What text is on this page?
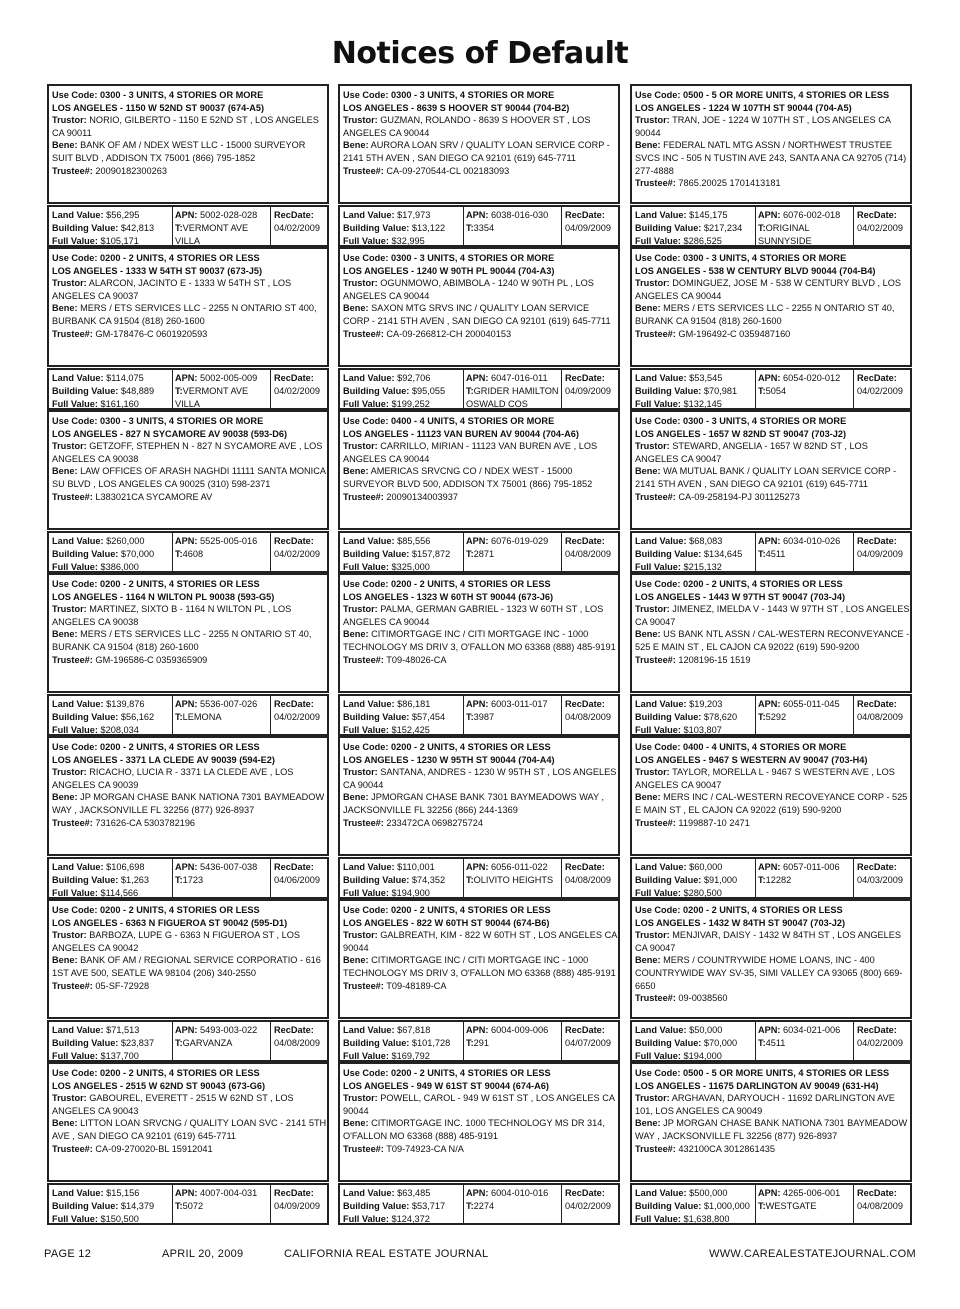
Notices of Default
Use Code: 0300 - 3 UNITS, 4 STORIES OR MORE
LOS ANGELES - 1150 W 52ND ST 90037 (674-A5)
Trustor: NORIO, GILBERTO - 1150 E 52ND ST , LOS ANGELES CA 90011
Bene: BANK OF AM / NDEX WEST LLC - 15000 SURVEYOR SUIT BLVD , ADDISON TX 75001 (866) 795-1852
Trustee#: 20090182300263
Land Value: $56,295
Building Value: $42,813
Full Value: $105,171
APN: 5002-028-028
T:VERMONT AVE VILLA
RecDate:
04/02/2009
Use Code: 0200 - 2 UNITS, 4 STORIES OR LESS
LOS ANGELES - 1333 W 54TH ST 90037 (673-J5)
Trustor: ALARCON, JACINTO E - 1333 W 54TH ST , LOS ANGELES CA 90037
Bene: MERS / ETS SERVICES LLC - 2255 N ONTARIO ST 400, BURBANK CA 91504 (818) 260-1600
Trustee#: GM-178476-C 0601920593
Land Value: $114,075
Building Value: $48,889
Full Value: $161,160
APN: 5002-005-009
T:VERMONT AVE VILLA
RecDate:
04/02/2009
Use Code: 0300 - 3 UNITS, 4 STORIES OR MORE
LOS ANGELES - 827 N SYCAMORE AV 90038 (593-D6)
Trustor: GETZOFF, STEPHEN N - 827 N SYCAMORE AVE , LOS ANGELES CA 90038
Bene: LAW OFFICES OF ARASH NAGHDI 11111 SANTA MONICA SU BLVD , LOS ANGELES CA 90025 (310) 598-2371
Trustee#: L383021CA SYCAMORE AV
Land Value: $260,000
Building Value: $70,000
Full Value: $386,000
APN: 5525-005-016
T:4608
RecDate:
04/02/2009
Use Code: 0200 - 2 UNITS, 4 STORIES OR LESS
LOS ANGELES - 1164 N WILTON PL 90038 (593-G5)
Trustor: MARTINEZ, SIXTO B - 1164 N WILTON PL , LOS ANGELES CA 90038
Bene: MERS / ETS SERVICES LLC - 2255 N ONTARIO ST 40, BURANK CA 91504 (818) 260-1600
Trustee#: GM-196586-C 0359365909
Land Value: $139,876
Building Value: $56,162
Full Value: $208,034
APN: 5536-007-026
T:LEMONA
RecDate:
04/02/2009
Use Code: 0200 - 2 UNITS, 4 STORIES OR LESS
LOS ANGELES - 3371 LA CLEDE AV 90039 (594-E2)
Trustor: RICACHO, LUCIA R - 3371 LA CLEDE AVE , LOS ANGELES CA 90039
Bene: JP MORGAN CHASE BANK NATIONA 7301 BAYMEADOW WAY , JACKSONVILLE FL 32256 (877) 926-8937
Trustee#: 731626-CA 5303782196
Land Value: $106,698
Building Value: $1,263
Full Value: $114,566
APN: 5436-007-038
T:1723
RecDate:
04/06/2009
Use Code: 0200 - 2 UNITS, 4 STORIES OR LESS
LOS ANGELES - 6363 N FIGUEROA ST 90042 (595-D1)
Trustor: BARBOZA, LUPE G - 6363 N FIGUEROA ST , LOS ANGELES CA 90042
Bene: BANK OF AM / REGIONAL SERVICE CORPORATIO - 616 1ST AVE 500, SEATLE WA 98104 (206) 340-2550
Trustee#: 05-SF-72928
Land Value: $71,513
Building Value: $23,837
Full Value: $137,700
APN: 5493-003-022
T:GARVANZA
RecDate:
04/08/2009
Use Code: 0200 - 2 UNITS, 4 STORIES OR LESS
LOS ANGELES - 2515 W 62ND ST 90043 (673-G6)
Trustor: GABOUREL, EVERETT - 2515 W 62ND ST , LOS ANGELES CA 90043
Bene: LITTON LOAN SRVCNG / QUALITY LOAN SVC - 2141 5TH AVE , SAN DIEGO CA 92101 (619) 645-7711
Trustee#: CA-09-270020-BL 15912041
Land Value: $15,156
Building Value: $14,379
Full Value: $150,500
APN: 4007-004-031
T:5072
RecDate:
04/09/2009
Use Code: 0300 - 3 UNITS, 4 STORIES OR MORE
LOS ANGELES - 8639 S HOOVER ST 90044 (704-B2)
Trustor: GUZMAN, ROLANDO - 8639 S HOOVER ST , LOS ANGELES CA 90044
Bene: AURORA LOAN SRV / QUALITY LOAN SERVICE CORP - 2141 5TH AVEN , SAN DIEGO CA 92101 (619) 645-7711
Trustee#: CA-09-270544-CL 002183093
Land Value: $17,973
Building Value: $13,122
Full Value: $32,995
APN: 6038-016-030
T:3354
RecDate:
04/09/2009
Use Code: 0300 - 3 UNITS, 4 STORIES OR MORE
LOS ANGELES - 1240 W 90TH PL 90044 (704-A3)
Trustor: OGUNMOWO, ABIMBOLA - 1240 W 90TH PL , LOS ANGELES CA 90044
Bene: SAXON MTG SRVS INC / QUALITY LOAN SERVICE CORP - 2141 5TH AVEN , SAN DIEGO CA 92101 (619) 645-7711
Trustee#: CA-09-266812-CH 200040153
Land Value: $92,706
Building Value: $95,055
Full Value: $199,252
APN: 6047-016-011
T:GRIDER HAMILTON OSWALD COS
RecDate:
04/09/2009
Use Code: 0400 - 4 UNITS, 4 STORIES OR MORE
LOS ANGELES - 11123 VAN BUREN AV 90044 (704-A6)
Trustor: CARRILLO, MIRIAN - 11123 VAN BUREN AVE , LOS ANGELES CA 90044
Bene: AMERICAS SRVCNG CO / NDEX WEST - 15000 SURVEYOR BLVD 500, ADDISON TX 75001 (866) 795-1852
Trustee#: 20090134003937
Land Value: $85,556
Building Value: $157,872
Full Value: $325,000
APN: 6076-019-029
T:2871
RecDate:
04/08/2009
Use Code: 0200 - 2 UNITS, 4 STORIES OR LESS
LOS ANGELES - 1323 W 60TH ST 90044 (673-J6)
Trustor: PALMA, GERMAN GABRIEL - 1323 W 60TH ST , LOS ANGELES CA 90044
Bene: CITIMORTGAGE INC / CITI MORTGAGE INC - 1000 TECHNOLOGY MS DRIV 3, O'FALLON MO 63368 (888) 485-9191
Trustee#: T09-48026-CA
Land Value: $86,181
Building Value: $57,454
Full Value: $152,425
APN: 6003-011-017
T:3987
RecDate:
04/08/2009
Use Code: 0200 - 2 UNITS, 4 STORIES OR LESS
LOS ANGELES - 1230 W 95TH ST 90044 (704-A4)
Trustor: SANTANA, ANDRES - 1230 W 95TH ST , LOS ANGELES CA 90044
Bene: JPMORGAN CHASE BANK 7301 BAYMEADOWS WAY , JACKSONVILLE FL 32256 (866) 244-1369
Trustee#: 233472CA 0698275724
Land Value: $110,001
Building Value: $74,352
Full Value: $194,900
APN: 6056-011-022
T:OLIVITO HEIGHTS
RecDate:
04/08/2009
Use Code: 0200 - 2 UNITS, 4 STORIES OR LESS
LOS ANGELES - 822 W 60TH ST 90044 (674-B6)
Trustor: GALBREATH, KIM - 822 W 60TH ST , LOS ANGELES CA 90044
Bene: CITIMORTGAGE INC / CITI MORTGAGE INC - 1000 TECHNOLOGY MS DRIV 3, O'FALLON MO 63368 (888) 485-9191
Trustee#: T09-48189-CA
Land Value: $67,818
Building Value: $101,728
Full Value: $169,792
APN: 6004-009-006
T:291
RecDate:
04/07/2009
Use Code: 0200 - 2 UNITS, 4 STORIES OR LESS
LOS ANGELES - 949 W 61ST ST 90044 (674-A6)
Trustor: POWELL, CAROL - 949 W 61ST ST , LOS ANGELES CA 90044
Bene: CITIMORTGAGE INC. 1000 TECHNOLOGY MS DR 314, O'FALLON MO 63368 (888) 485-9191
Trustee#: T09-74923-CA N/A
Land Value: $63,485
Building Value: $53,717
Full Value: $124,372
APN: 6004-010-016
T:2274
RecDate:
04/02/2009
Use Code: 0500 - 5 OR MORE UNITS, 4 STORIES OR LESS
LOS ANGELES - 1224 W 107TH ST 90044 (704-A5)
Trustor: TRAN, JOE - 1224 W 107TH ST , LOS ANGELES CA 90044
Bene: FEDERAL NATL MTG ASSN / NORTHWEST TRUSTEE SVCS INC - 505 N TUSTIN AVE 243, SANTA ANA CA 92705 (714) 277-4888
Trustee#: 7865.20025 1701413181
Land Value: $145,175
Building Value: $217,234
Full Value: $286,525
APN: 6076-002-018
T:ORIGINAL SUNNYSIDE
RecDate:
04/02/2009
Use Code: 0300 - 3 UNITS, 4 STORIES OR MORE
LOS ANGELES - 538 W CENTURY BLVD 90044 (704-B4)
Trustor: DOMINGUEZ, JOSE M - 538 W CENTURY BLVD , LOS ANGELES CA 90044
Bene: MERS / ETS SERVICES LLC - 2255 N ONTARIO ST 40, BURANK CA 91504 (818) 260-1600
Trustee#: GM-196492-C 0359487160
Land Value: $53,545
Building Value: $70,981
Full Value: $132,145
APN: 6054-020-012
T:5054
RecDate:
04/02/2009
Use Code: 0300 - 3 UNITS, 4 STORIES OR MORE
LOS ANGELES - 1657 W 82ND ST 90047 (703-J2)
Trustor: STEWARD, ANGELIA - 1657 W 82ND ST , LOS ANGELES CA 90047
Bene: WA MUTUAL BANK / QUALITY LOAN SERVICE CORP - 2141 5TH AVEN , SAN DIEGO CA 92101 (619) 645-7711
Trustee#: CA-09-258194-PJ 301125273
Land Value: $68,083
Building Value: $134,645
Full Value: $215,132
APN: 6034-010-026
T:4511
RecDate:
04/09/2009
Use Code: 0200 - 2 UNITS, 4 STORIES OR LESS
LOS ANGELES - 1443 W 97TH ST 90047 (703-J4)
Trustor: JIMENEZ, IMELDA V - 1443 W 97TH ST , LOS ANGELES CA 90047
Bene: US BANK NTL ASSN / CAL-WESTERN RECONVEYANCE - 525 E MAIN ST , EL CAJON CA 92022 (619) 590-9200
Trustee#: 1208196-15 1519
Land Value: $19,203
Building Value: $78,620
Full Value: $103,807
APN: 6055-011-045
T:5292
RecDate:
04/08/2009
Use Code: 0400 - 4 UNITS, 4 STORIES OR MORE
LOS ANGELES - 9467 S WESTERN AV 90047 (703-H4)
Trustor: TAYLOR, MORELLA L - 9467 S WESTERN AVE , LOS ANGELES CA 90047
Bene: MERS INC / CAL-WESTERN RECOVEYANCE CORP - 525 E MAIN ST , EL CAJON CA 92022 (619) 590-9200
Trustee#: 1199887-10 2471
Land Value: $60,000
Building Value: $91,000
Full Value: $280,500
APN: 6057-011-006
T:12282
RecDate:
04/03/2009
Use Code: 0200 - 2 UNITS, 4 STORIES OR LESS
LOS ANGELES - 1432 W 84TH ST 90047 (703-J2)
Trustor: MENJIVAR, DAISY - 1432 W 84TH ST , LOS ANGELES CA 90047
Bene: MERS / COUNTRYWIDE HOME LOANS, INC - 400 COUNTRYWIDE WAY SV-35, SIMI VALLEY CA 93065 (800) 669-6650
Trustee#: 09-0038560
Land Value: $50,000
Building Value: $70,000
Full Value: $194,000
APN: 6034-021-006
T:4511
RecDate:
04/02/2009
Use Code: 0500 - 5 OR MORE UNITS, 4 STORIES OR LESS
LOS ANGELES - 11675 DARLINGTON AV 90049 (631-H4)
Trustor: ARGHAVAN, DARYOUCH - 11692 DARLINGTON AVE 101, LOS ANGELES CA 90049
Bene: JP MORGAN CHASE BANK NATIONA 7301 BAYMEADOW WAY , JACKSONVILLE FL 32256 (877) 926-8937
Trustee#: 432100CA 3012861435
Land Value: $500,000
Building Value: $1,000,000
Full Value: $1,638,800
APN: 4265-006-001
T:WESTGATE
RecDate:
04/08/2009
PAGE 12	APRIL 20, 2009	CALIFORNIA REAL ESTATE JOURNAL	WWW.CAREALESTATEJOURNAL.COM
